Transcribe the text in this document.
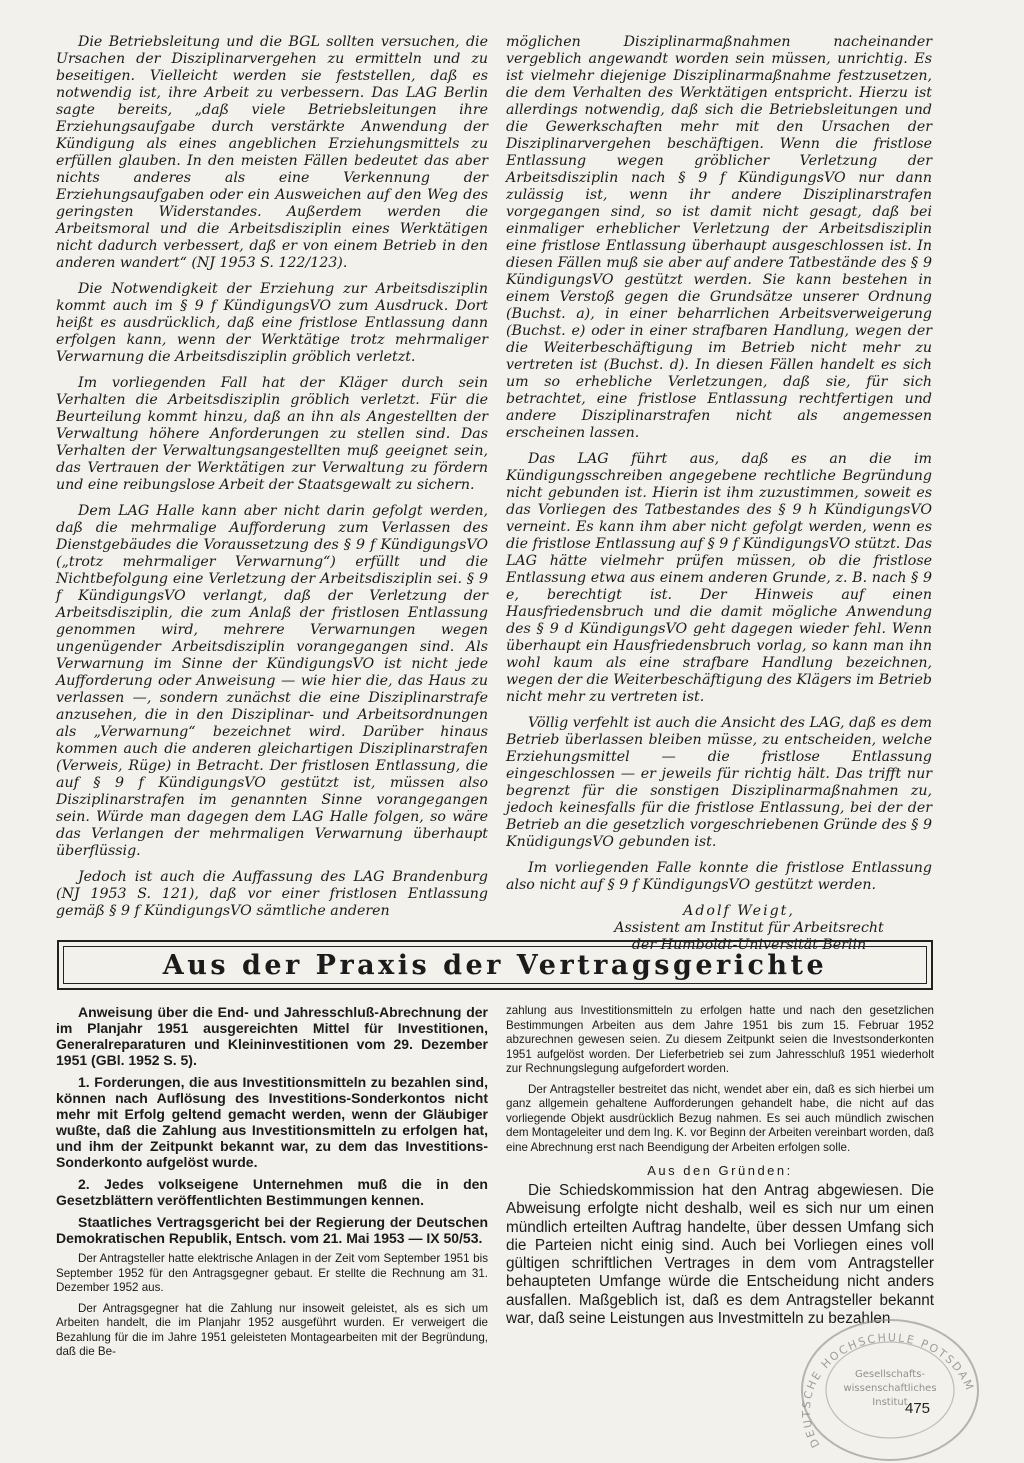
Die Betriebsleitung und die BGL sollten versuchen, die Ursachen der Disziplinarvergehen zu ermitteln und zu beseitigen. Vielleicht werden sie feststellen, daß es notwendig ist, ihre Arbeit zu verbessern. Das LAG Berlin sagte bereits, „daß viele Betriebsleitungen ihre Erziehungsaufgabe durch verstärkte Anwendung der Kündigung als eines angeblichen Erziehungsmittels zu erfüllen glauben. In den meisten Fällen bedeutet das aber nichts anderes als eine Verkennung der Erziehungsaufgaben oder ein Ausweichen auf den Weg des geringsten Widerstandes. Außerdem werden die Arbeitsmoral und die Arbeitsdisziplin eines Werktätigen nicht dadurch verbessert, daß er von einem Betrieb in den anderen wandert“ (NJ 1953 S. 122/123).

Die Notwendigkeit der Erziehung zur Arbeitsdisziplin kommt auch im § 9 f KündigungsVO zum Ausdruck. Dort heißt es ausdrücklich, daß eine fristlose Entlassung dann erfolgen kann, wenn der Werktätige trotz mehrmaliger Verwarnung die Arbeitsdisziplin gröblich verletzt.

Im vorliegenden Fall hat der Kläger durch sein Verhalten die Arbeitsdisziplin gröblich verletzt. Für die Beurteilung kommt hinzu, daß an ihn als Angestellten der Verwaltung höhere Anforderungen zu stellen sind. Das Verhalten der Verwaltungsangestellten muß geeignet sein, das Vertrauen der Werktätigen zur Verwaltung zu fördern und eine reibungslose Arbeit der Staatsgewalt zu sichern.

Dem LAG Halle kann aber nicht darin gefolgt werden, daß die mehrmalige Aufforderung zum Verlassen des Dienstgebäudes die Voraussetzung des § 9 f KündigungsVO („trotz mehrmaliger Verwarnung“) erfüllt und die Nichtbefolgung eine Verletzung der Arbeitsdisziplin sei. § 9 f KündigungsVO verlangt, daß der Verletzung der Arbeitsdisziplin, die zum Anlaß der fristlosen Entlassung genommen wird, mehrere Verwarnungen wegen ungenügender Arbeitsdisziplin vorangegangen sind. Als Verwarnung im Sinne der KündigungsVO ist nicht jede Aufforderung oder Anweisung — wie hier die, das Haus zu verlassen —, sondern zunächst die eine Disziplinarstrafe anzusehen, die in den Disziplinar- und Arbeitsordnungen als „Verwarnung“ bezeichnet wird. Darüber hinaus kommen auch die anderen gleichartigen Disziplinarstrafen (Verweis, Rüge) in Betracht. Der fristlosen Entlassung, die auf § 9 f KündigungsVO gestützt ist, müssen also Disziplinarstrafen im genannten Sinne vorangegangen sein. Würde man dagegen dem LAG Halle folgen, so wäre das Verlangen der mehrmaligen Verwarnung überhaupt überflüssig.

Jedoch ist auch die Auffassung des LAG Brandenburg (NJ 1953 S. 121), daß vor einer fristlosen Entlassung gemäß § 9 f KündigungsVO sämtliche anderen

möglichen Disziplinarmaßnahmen nacheinander vergeblich angewandt worden sein müssen, unrichtig. Es ist vielmehr diejenige Disziplinarmaßnahme festzusetzen, die dem Verhalten des Werktätigen entspricht. Hierzu ist allerdings notwendig, daß sich die Betriebsleitungen und die Gewerkschaften mehr mit den Ursachen der Disziplinarvergehen beschäftigen. Wenn die fristlose Entlassung wegen gröblicher Verletzung der Arbeitsdisziplin nach § 9 f KündigungsVO nur dann zulässig ist, wenn ihr andere Disziplinarstrafen vorgegangen sind, so ist damit nicht gesagt, daß bei einmaliger erheblicher Verletzung der Arbeitsdisziplin eine fristlose Entlassung überhaupt ausgeschlossen ist. In diesen Fällen muß sie aber auf andere Tatbestände des § 9 KündigungsVO gestützt werden. Sie kann bestehen in einem Verstoß gegen die Grundsätze unserer Ordnung (Buchst. a), in einer beharrlichen Arbeitsverweigerung (Buchst. e) oder in einer strafbaren Handlung, wegen der die Weiterbeschäftigung im Betrieb nicht mehr zu vertreten ist (Buchst. d). In diesen Fällen handelt es sich um so erhebliche Verletzungen, daß sie, für sich betrachtet, eine fristlose Entlassung rechtfertigen und andere Disziplinarstrafen nicht als angemessen erscheinen lassen.

Das LAG führt aus, daß es an die im Kündigungsschreiben angegebene rechtliche Begründung nicht gebunden ist. Hierin ist ihm zuzustimmen, soweit es das Vorliegen des Tatbestandes des § 9 h KündigungsVO verneint. Es kann ihm aber nicht gefolgt werden, wenn es die fristlose Entlassung auf § 9 f KündigungsVO stützt. Das LAG hätte vielmehr prüfen müssen, ob die fristlose Entlassung etwa aus einem anderen Grunde, z. B. nach § 9 e, berechtigt ist. Der Hinweis auf einen Hausfriedensbruch und die damit mögliche Anwendung des § 9 d KündigungsVO geht dagegen wieder fehl. Wenn überhaupt ein Hausfriedensbruch vorlag, so kann man ihn wohl kaum als eine strafbare Handlung bezeichnen, wegen der die Weiterbeschäftigung des Klägers im Betrieb nicht mehr zu vertreten ist.

Völlig verfehlt ist auch die Ansicht des LAG, daß es dem Betrieb überlassen bleiben müsse, zu entscheiden, welche Erziehungsmittel — die fristlose Entlassung eingeschlossen — er jeweils für richtig hält. Das trifft nur begrenzt für die sonstigen Disziplinarmaßnahmen zu, jedoch keinesfalls für die fristlose Entlassung, bei der der Betrieb an die gesetzlich vorgeschriebenen Gründe des § 9 KnüdigungsVO gebunden ist.

Im vorliegenden Falle konnte die fristlose Entlassung also nicht auf § 9 f KündigungsVO gestützt werden.

Adolf Weigt,
Assistent am Institut für Arbeitsrecht
der Humboldt-Universität Berlin
Aus der Praxis der Vertragsgerichte

Anweisung über die End- und Jahresschluß-Abrechnung der im Planjahr 1951 ausgereichten Mittel für Investitionen, Generalreparaturen und Kleininvestitionen vom 29. Dezember 1951 (GBl. 1952 S. 5).

1. Forderungen, die aus Investitionsmitteln zu bezahlen sind, können nach Auflösung des Investitions-Sonderkontos nicht mehr mit Erfolg geltend gemacht werden, wenn der Gläubiger wußte, daß die Zahlung aus Investitionsmitteln zu erfolgen hat, und ihm der Zeitpunkt bekannt war, zu dem das Investitions-Sonderkonto aufgelöst wurde.

2. Jedes volkseigene Unternehmen muß die in den Gesetzblättern veröffentlichten Bestimmungen kennen.

Staatliches Vertragsgericht bei der Regierung der Deutschen Demokratischen Republik, Entsch. vom 21. Mai 1953 — IX 50/53.

Der Antragsteller hatte elektrische Anlagen in der Zeit vom September 1951 bis September 1952 für den Antragsgegner gebaut. Er stellte die Rechnung am 31. Dezember 1952 aus.

Der Antragsgegner hat die Zahlung nur insoweit geleistet, als es sich um Arbeiten handelt, die im Planjahr 1952 ausgeführt wurden. Er verweigert die Bezahlung für die im Jahre 1951 geleisteten Montagearbeiten mit der Begründung, daß die Be-

zahlung aus Investitionsmitteln zu erfolgen hatte und nach den gesetzlichen Bestimmungen Arbeiten aus dem Jahre 1951 bis zum 15. Februar 1952 abzurechnen gewesen seien. Zu diesem Zeitpunkt seien die Investsonderkonten 1951 aufgelöst worden. Der Lieferbetrieb sei zum Jahresschluß 1951 wiederholt zur Rechnungslegung aufgefordert worden.

Der Antragsteller bestreitet das nicht, wendet aber ein, daß es sich hierbei um ganz allgemein gehaltene Aufforderungen gehandelt habe, die nicht auf das vorliegende Objekt ausdrücklich Bezug nahmen. Es sei auch mündlich zwischen dem Montageleiter und dem Ing. K. vor Beginn der Arbeiten vereinbart worden, daß eine Abrechnung erst nach Beendigung der Arbeiten erfolgen solle.

Aus den Gründen:

Die Schiedskommission hat den Antrag abgewiesen. Die Abweisung erfolgte nicht deshalb, weil es sich nur um einen mündlich erteilten Auftrag handelte, über dessen Umfang sich die Parteien nicht einig sind. Auch bei Vorliegen eines voll gültigen schriftlichen Vertrages in dem vom Antragsteller behaupteten Umfange würde die Entscheidung nicht anders ausfallen. Maßgeblich ist, daß es dem Antragsteller bekannt war, daß seine Leistungen aus Investmitteln zu bezahlen

DEUTSCHE HOCHSCHULE POTSDAM
Gesellschafts-
wissenschaftliches
Institut
475
